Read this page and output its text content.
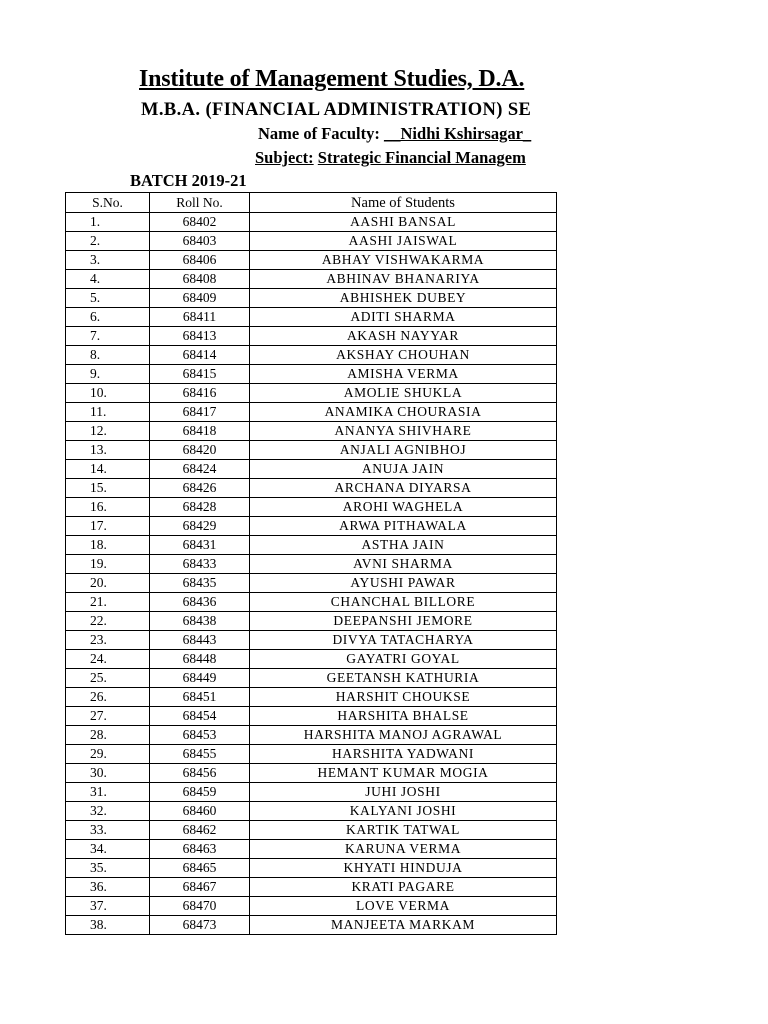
Institute of Management Studies, D.A.
M.B.A. (FINANCIAL ADMINISTRATION) SE
Name of Faculty: __Nidhi Kshirsagar_
Subject: Strategic Financial Managem
BATCH 2019-21
S.No.	Roll No.	Name of Students
1.	68402	AASHI BANSAL
2.	68403	AASHI JAISWAL
3.	68406	ABHAY VISHWAKARMA
4.	68408	ABHINAV BHANARIYA
5.	68409	ABHISHEK DUBEY
6.	68411	ADITI SHARMA
7.	68413	AKASH NAYYAR
8.	68414	AKSHAY CHOUHAN
9.	68415	AMISHA VERMA
10.	68416	AMOLIE SHUKLA
11.	68417	ANAMIKA CHOURASIA
12.	68418	ANANYA SHIVHARE
13.	68420	ANJALI AGNIBHOJ
14.	68424	ANUJA JAIN
15.	68426	ARCHANA DIYARSA
16.	68428	AROHI WAGHELA
17.	68429	ARWA PITHAWALA
18.	68431	ASTHA JAIN
19.	68433	AVNI SHARMA
20.	68435	AYUSHI PAWAR
21.	68436	CHANCHAL BILLORE
22.	68438	DEEPANSHI JEMORE
23.	68443	DIVYA TATACHARYA
24.	68448	GAYATRI GOYAL
25.	68449	GEETANSH KATHURIA
26.	68451	HARSHIT CHOUKSE
27.	68454	HARSHITA BHALSE
28.	68453	HARSHITA MANOJ AGRAWAL
29.	68455	HARSHITA YADWANI
30.	68456	HEMANT KUMAR MOGIA
31.	68459	JUHI JOSHI
32.	68460	KALYANI JOSHI
33.	68462	KARTIK TATWAL
34.	68463	KARUNA VERMA
35.	68465	KHYATI HINDUJA
36.	68467	KRATI PAGARE
37.	68470	LOVE VERMA
38.	68473	MANJEETA MARKAM
